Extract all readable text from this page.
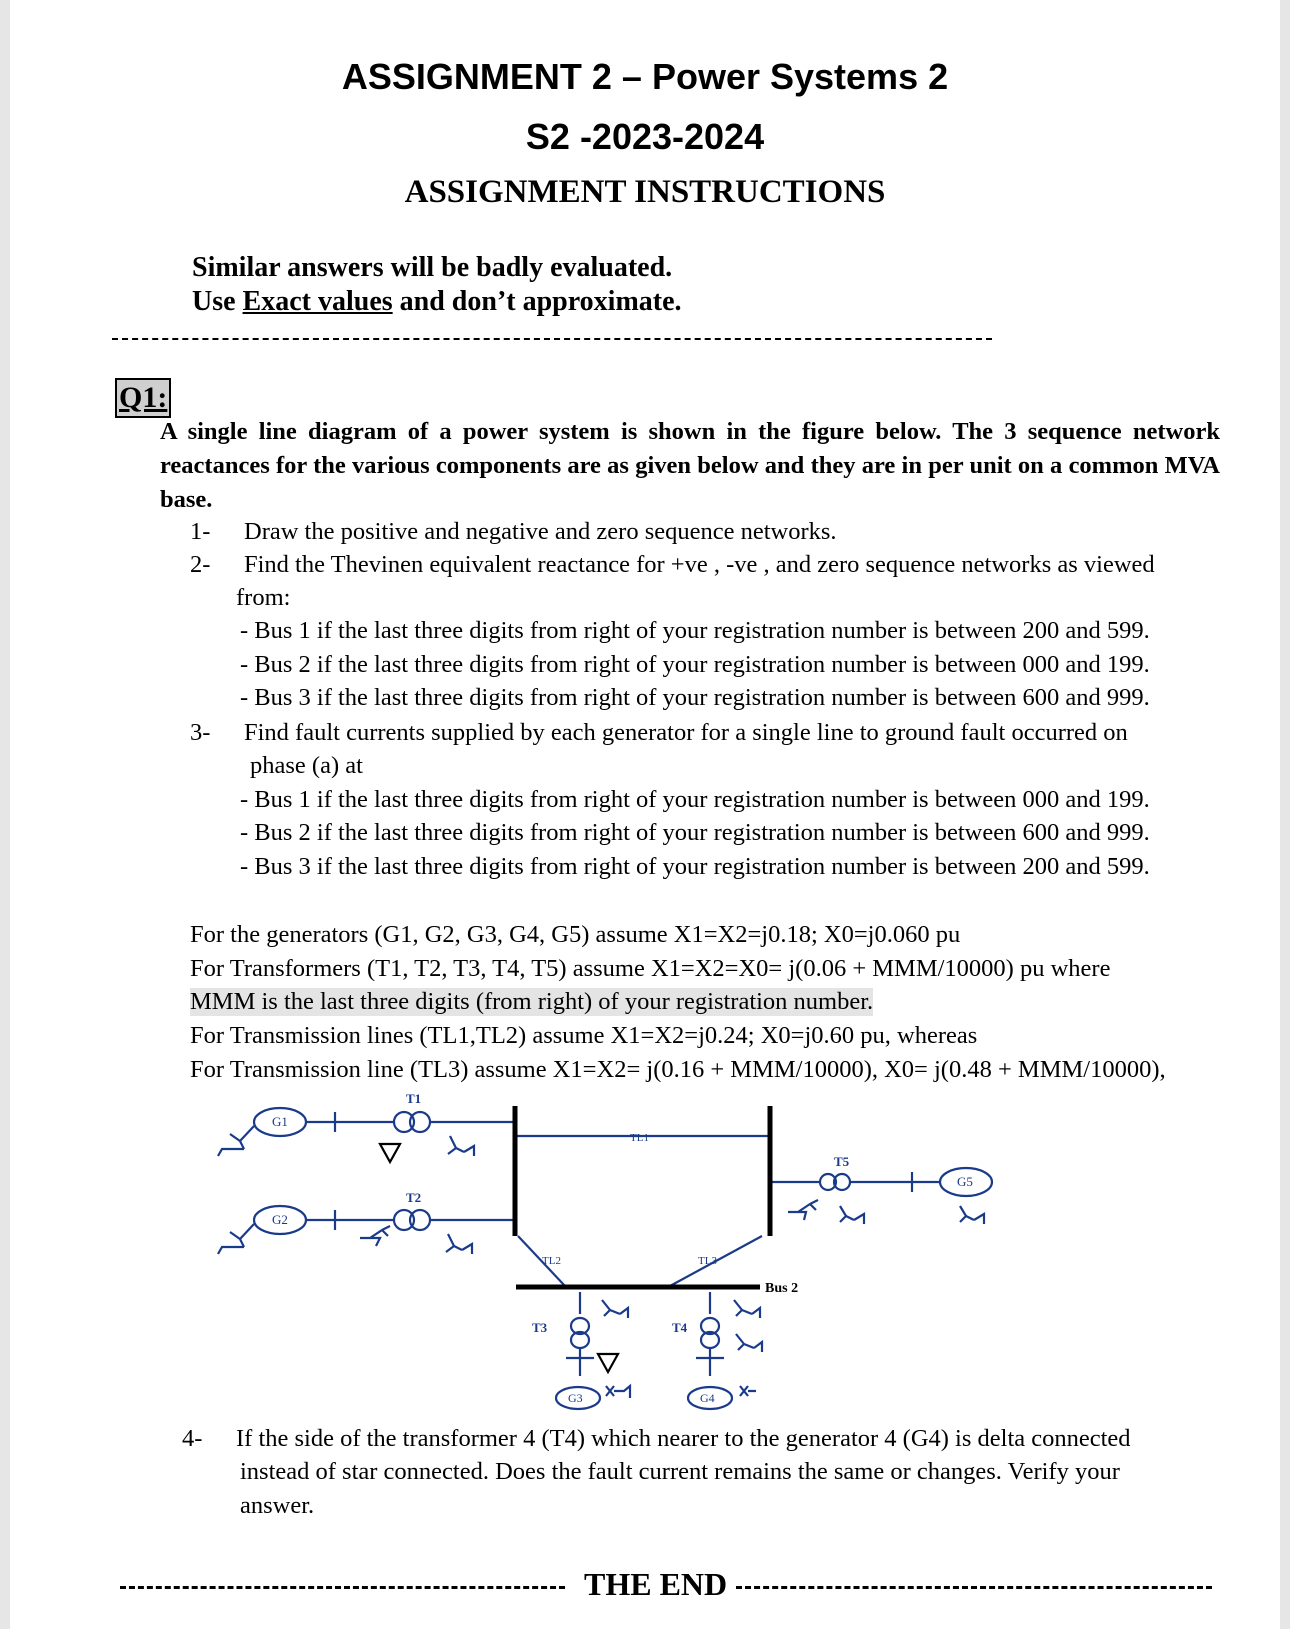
ASSIGNMENT 2 – Power Systems 2
S2 -2023-2024
ASSIGNMENT INSTRUCTIONS
Similar answers will be badly evaluated.
Use Exact values and don’t approximate.
Q1:
A single line diagram of a power system is shown in the figure below. The 3 sequence network reactances for the various components are as given below and they are in per unit on a common MVA base.
1- Draw the positive and negative and zero sequence networks.
2- Find the Thevinen equivalent reactance for +ve , -ve , and zero sequence networks as viewed
from:
- Bus 1 if the last three digits from right of your registration number is between 200 and 599.
- Bus 2 if the last three digits from right of your registration number is between 000 and 199.
- Bus 3 if the last three digits from right of your registration number is between 600 and 999.
3- Find fault currents supplied by each generator for a single line to ground fault occurred on
phase (a) at
- Bus 1 if the last three digits from right of your registration number is between 000 and 199.
- Bus 2 if the last three digits from right of your registration number is between 600 and 999.
- Bus 3 if the last three digits from right of your registration number is between 200 and 599.
For the generators (G1, G2, G3, G4, G5) assume X1=X2=j0.18; X0=j0.060 pu
For Transformers (T1, T2, T3, T4, T5) assume X1=X2=X0= j(0.06 + MMM/10000) pu where
MMM is the last three digits (from right) of your registration number.
For Transmission lines (TL1,TL2) assume X1=X2=j0.24; X0=j0.60 pu, whereas
For Transmission line (TL3) assume X1=X2= j(0.16 + MMM/10000), X0= j(0.48 + MMM/10000),
G1
G2
G5
G3	G4
T1
T2
T3	T4
T5
TL1
TL2	TL3
Bus 2
4- If the side of the transformer 4 (T4) which nearer to the generator 4 (G4) is delta connected
instead of star connected. Does the fault current remains the same or changes. Verify your
answer.
THE END
